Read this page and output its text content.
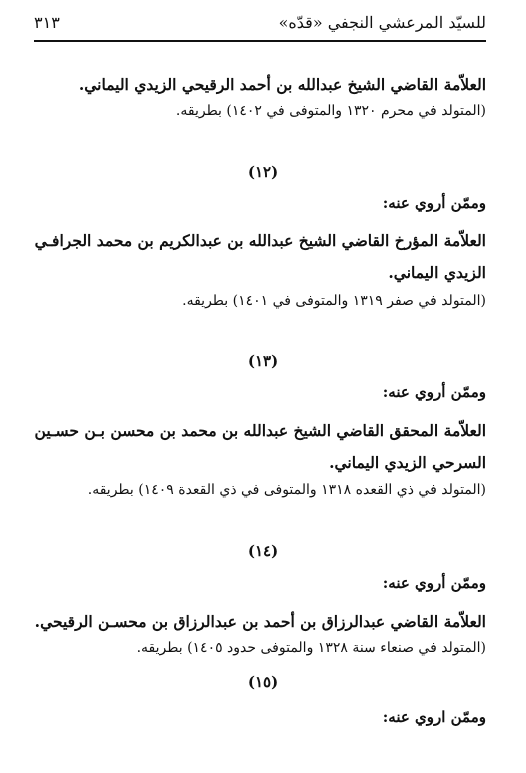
للسيّد المرعشي النجفي «قدّه»
٣١٣
العلاّمة القاضي الشيخ عبدالله بن أحمد الرقيحي الزيدي اليماني.
(المتولد في محرم ١٣٢٠ والمتوفى في ١٤٠٢) بطريقه.
(١٢)
وممّن أروي عنه:
العلاّمة المؤرخ القاضي الشيخ عبدالله بن عبدالكريم بن محمد الجرافـي
الزيدي اليماني.
(المتولد في صفر ١٣١٩ والمتوفى في ١٤٠١) بطريقه.
(١٣)
وممّن أروي عنه:
العلاّمة المحقق القاضي الشيخ عبدالله بن محمد بن محسن بـن حسـين
السرحي الزيدي اليماني.
(المتولد في ذي القعده ١٣١٨ والمتوفى في ذي القعدة ١٤٠٩) بطريقه.
(١٤)
وممّن أروي عنه:
العلاّمة القاضي عبدالرزاق بن أحمد بن عبدالرزاق بن محسـن الرقيحي.
(المتولد في صنعاء سنة ١٣٢٨ والمتوفى حدود ١٤٠٥) بطريقه.
(١٥)
وممّن اروي عنه:
